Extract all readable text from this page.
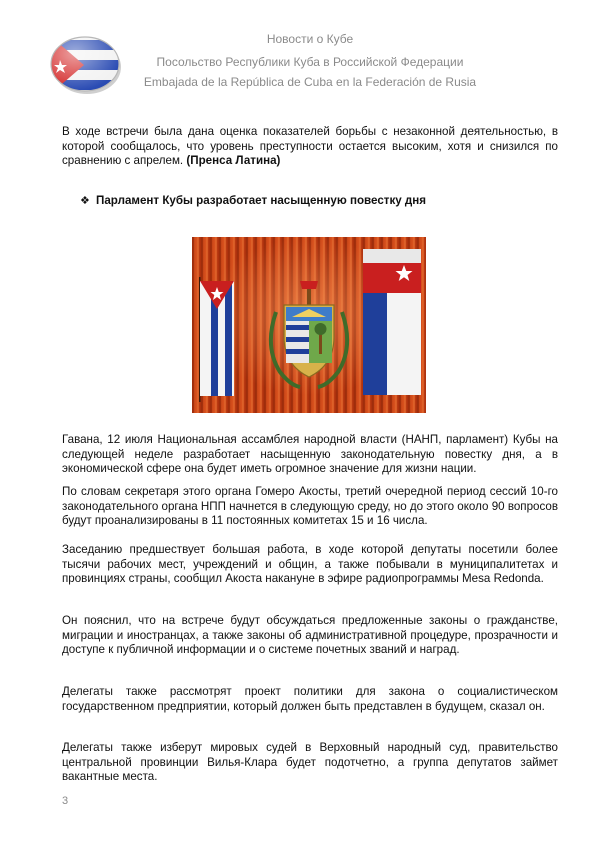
Новости о Кубе
Посольство Республики Куба в Российской Федерации
Embajada de la República de Cuba en la Federación de Rusia

В ходе встречи была дана оценка показателей борьбы с незаконной деятельностью, в которой сообщалось, что уровень преступности остается высоким, хотя и снизился по сравнению с апрелем. (Пренса Латина)

❖ Парламент Кубы разработает насыщенную повестку дня

Гавана, 12 июля Национальная ассамблея народной власти (НАНП, парламент) Кубы на следующей неделе разработает насыщенную законодательную повестку дня, а в экономической сфере она будет иметь огромное значение для жизни нации.

По словам секретаря этого органа Гомеро Акосты, третий очередной период сессий 10-го законодательного органа НПП начнется в следующую среду, но до этого около 90 вопросов будут проанализированы в 11 постоянных комитетах 15 и 16 числа.

Заседанию предшествует большая работа, в ходе которой депутаты посетили более тысячи рабочих мест, учреждений и общин, а также побывали в муниципалитетах и провинциях страны, сообщил Акоста накануне в эфире радиопрограммы Mesa Redonda.

Он пояснил, что на встрече будут обсуждаться предложенные законы о гражданстве, миграции и иностранцах, а также законы об административной процедуре, прозрачности и доступе к публичной информации и о системе почетных званий и наград.

Делегаты также рассмотрят проект политики для закона о социалистическом государственном предприятии, который должен быть представлен в будущем, сказал он.

Делегаты также изберут мировых судей в Верховный народный суд, правительство центральной провинции Вилья-Клара будет подотчетно, а группа депутатов займет вакантные места.

3
